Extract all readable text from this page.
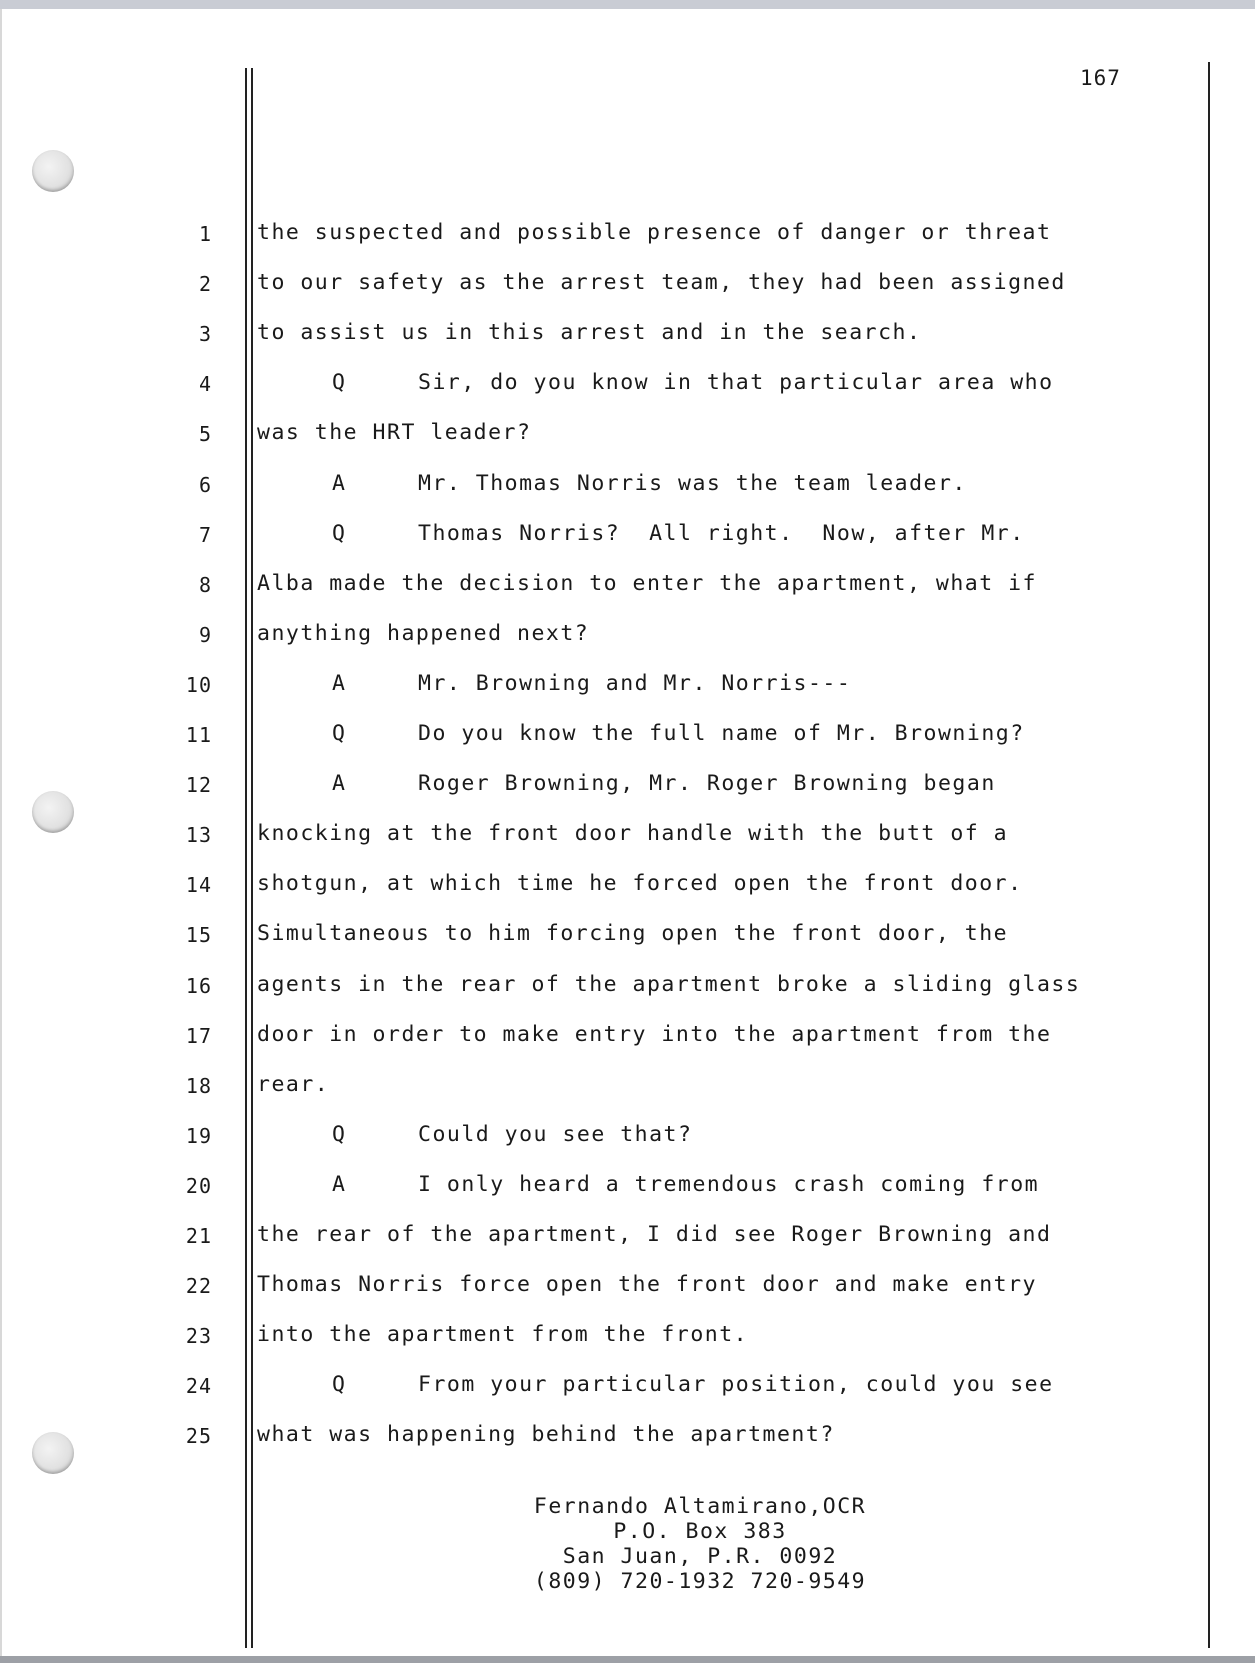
167
1 the suspected and possible presence of danger or threat
2 to our safety as the arrest team, they had been assigned
3 to assist us in this arrest and in the search.
4	Q	Sir, do you know in that particular area who
5 was the HRT leader?
6	A	Mr. Thomas Norris was the team leader.
7	Q	Thomas Norris?  All right.  Now, after Mr.
8 Alba made the decision to enter the apartment, what if
9 anything happened next?
10	A	Mr. Browning and Mr. Norris---
11	Q	Do you know the full name of Mr. Browning?
12	A	Roger Browning, Mr. Roger Browning began
13 knocking at the front door handle with the butt of a
14 shotgun, at which time he forced open the front door.
15 Simultaneous to him forcing open the front door, the
16 agents in the rear of the apartment broke a sliding glass
17 door in order to make entry into the apartment from the
18 rear.
19	Q	Could you see that?
20	A	I only heard a tremendous crash coming from
21 the rear of the apartment, I did see Roger Browning and
22 Thomas Norris force open the front door and make entry
23 into the apartment from the front.
24	Q	From your particular position, could you see
25 what was happening behind the apartment?
Fernando Altamirano,OCR
P.O. Box 383
San Juan, P.R. 0092
(809) 720-1932 720-9549
